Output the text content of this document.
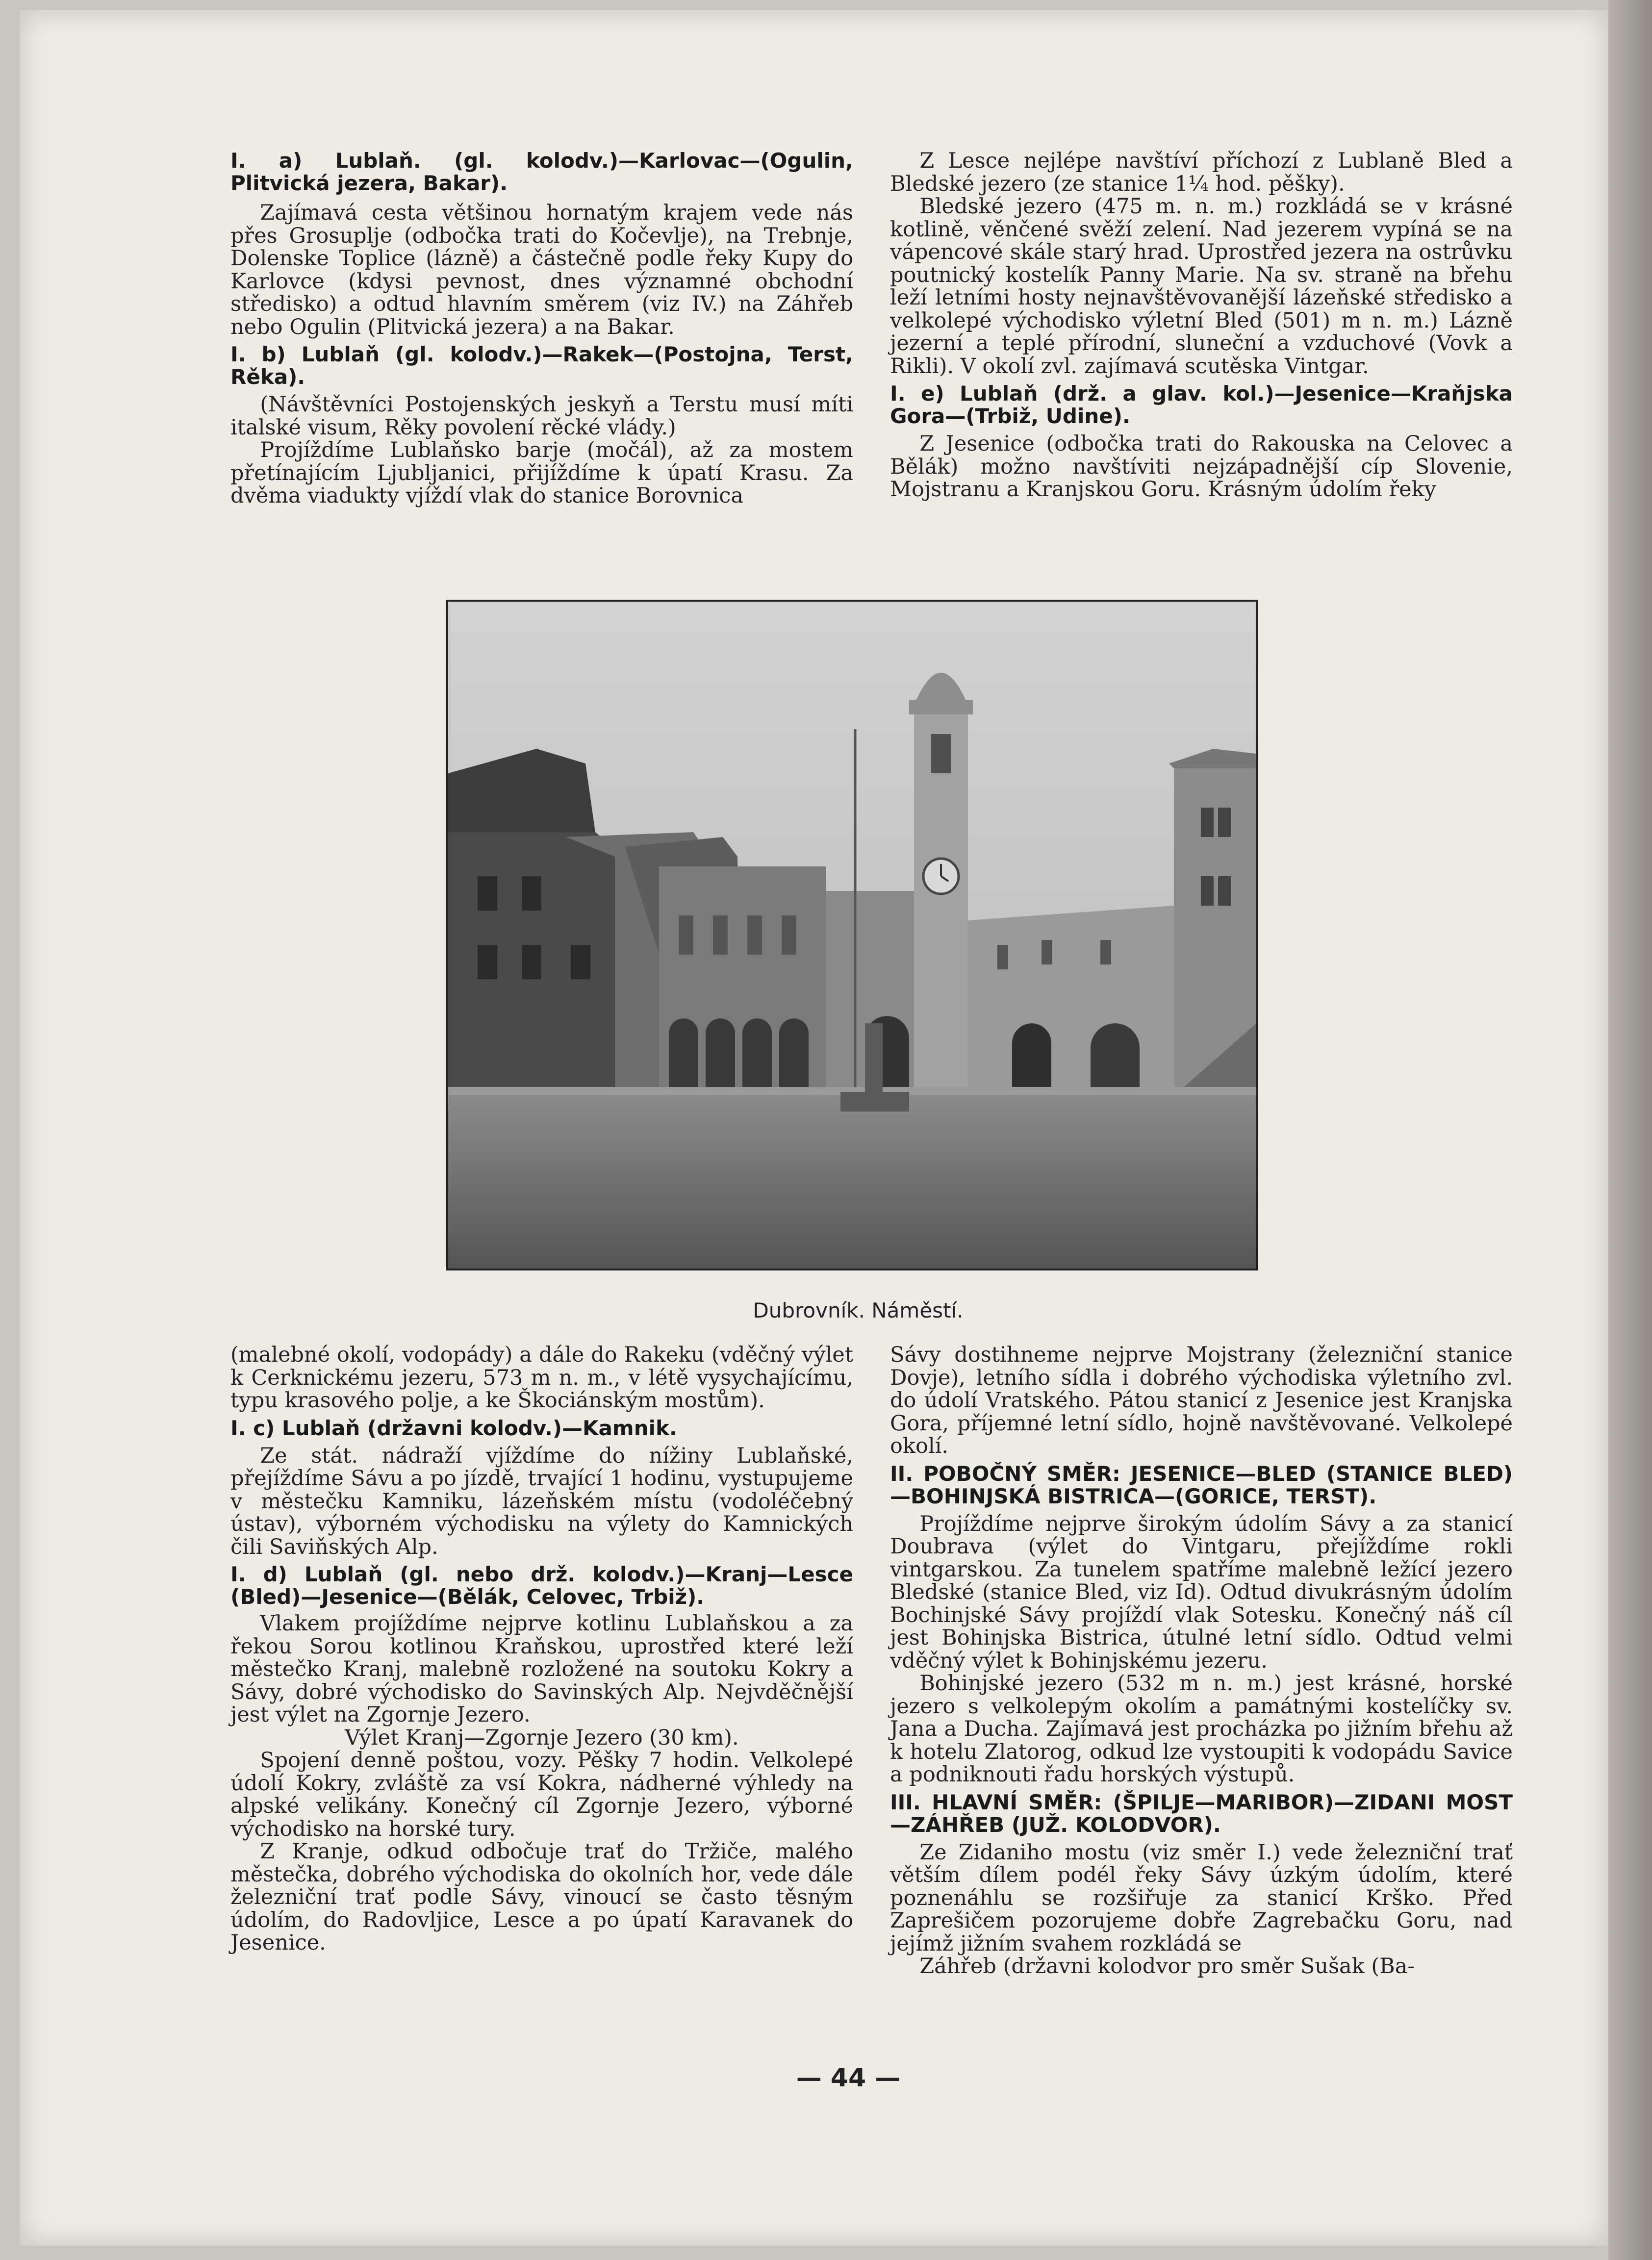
I. a) Lublaň. (gl. kolodv.)—Karlovac—(Ogulin, Plitvická jezera, Bakar).

Zajímavá cesta většinou hornatým krajem vede nás přes Grosuplje (odbočka trati do Kočevlje), na Trebnje, Dolenske Toplice (lázně) a částečně podle řeky Kupy do Karlovce (kdysi pevnost, dnes významné obchodní středisko) a odtud hlavním směrem (viz IV.) na Záhřeb nebo Ogulin (Plitvická jezera) a na Bakar.

I. b) Lublaň (gl. kolodv.)—Rakek—(Postojna, Terst, Rěka).

(Návštěvníci Postojenských jeskyň a Terstu musí míti italské visum, Rěky povolení rěcké vlády.)

Projíždíme Lublaňsko barje (močál), až za mostem přetínajícím Ljubljanici, přijíždíme k úpatí Krasu. Za dvěma viadukty vjíždí vlak do stanice Borovnica

Z Lesce nejlépe navštíví příchozí z Lublaně Bled a Bledské jezero (ze stanice 1¼ hod. pěšky).

Bledské jezero (475 m. n. m.) rozkládá se v krásné kotlině, věnčené svěží zelení. Nad jezerem vypíná se na vápencové skále starý hrad. Uprostřed jezera na ostrůvku poutnický kostelík Panny Marie. Na sv. straně na břehu leží letními hosty nejnavštěvovanější lázeňské středisko a velkolepé východisko výletní Bled (501) m n. m.) Lázně jezerní a teplé přírodní, sluneční a vzduchové (Vovk a Rikli). V okolí zvl. zajímavá scutěska Vintgar.

I. e) Lublaň (drž. a glav. kol.)—Jesenice—Kraňjska Gora—(Trbiž, Udine).

Z Jesenice (odbočka trati do Rakouska na Celovec a Bělák) možno navštíviti nejzápadnější cíp Slovenie, Mojstranu a Kranjskou Goru. Krásným údolím řeky

Dubrovník. Náměstí.

(malebné okolí, vodopády) a dále do Rakeku (vděčný výlet k Cerknickému jezeru, 573 m n. m., v létě vysychajícímu, typu krasového polje, a ke Škociánským mostům).

I. c) Lublaň (državni kolodv.)—Kamnik.

Ze stát. nádraží vjíždíme do nížiny Lublaňské, přejíždíme Sávu a po jízdě, trvající 1 hodinu, vystupujeme v městečku Kamniku, lázeňském místu (vodoléčebný ústav), výborném východisku na výlety do Kamnických čili Saviňských Alp.

I. d) Lublaň (gl. nebo drž. kolodv.)—Kranj—Lesce (Bled)—Jesenice—(Bělák, Celovec, Trbiž).

Vlakem projíždíme nejprve kotlinu Lublaňskou a za řekou Sorou kotlinou Kraňskou, uprostřed které leží městečko Kranj, malebně rozložené na soutoku Kokry a Sávy, dobré východisko do Savinských Alp. Nejvděčnější jest výlet na Zgornje Jezero.

Výlet Kranj—Zgornje Jezero (30 km).

Spojení denně poštou, vozy. Pěšky 7 hodin. Velkolepé údolí Kokry, zvláště za vsí Kokra, nádherné výhledy na alpské velikány. Konečný cíl Zgornje Jezero, výborné východisko na horské tury.

Z Kranje, odkud odbočuje trať do Tržiče, malého městečka, dobrého východiska do okolních hor, vede dále železniční trať podle Sávy, vinoucí se často těsným údolím, do Radovljice, Lesce a po úpatí Karavanek do Jesenice.

Sávy dostihneme nejprve Mojstrany (železniční stanice Dovje), letního sídla i dobrého východiska výletního zvl. do údolí Vratského. Pátou stanicí z Jesenice jest Kranjska Gora, příjemné letní sídlo, hojně navštěvované. Velkolepé okolí.

II. POBOČNÝ SMĚR: JESENICE—BLED (STANICE BLED)—BOHINJSKÁ BISTRICA—(GORICE, TERST).

Projíždíme nejprve širokým údolím Sávy a za stanicí Doubrava (výlet do Vintgaru, přejíždíme rokli vintgarskou. Za tunelem spatříme malebně ležící jezero Bledské (stanice Bled, viz Id). Odtud divukrásným údolím Bochinjské Sávy projíždí vlak Sotesku. Konečný náš cíl jest Bohinjska Bistrica, útulné letní sídlo. Odtud velmi vděčný výlet k Bohinjskému jezeru.

Bohinjské jezero (532 m n. m.) jest krásné, horské jezero s velkolepým okolím a památnými kostelíčky sv. Jana a Ducha. Zajímavá jest procházka po jižním břehu až k hotelu Zlatorog, odkud lze vystoupiti k vodopádu Savice a podniknouti řadu horských výstupů.

III. HLAVNÍ SMĚR: (ŠPILJE—MARIBOR)—ZIDANI MOST—ZÁHŘEB (JUŽ. KOLODVOR).

Ze Zidaniho mostu (viz směr I.) vede železniční trať větším dílem podél řeky Sávy úzkým údolím, které poznenáhlu se rozšiřuje za stanicí Krško. Před Zaprešičem pozorujeme dobře Zagrebačku Goru, nad jejímž jižním svahem rozkládá se

Záhřeb (državni kolodvor pro směr Sušak (Ba-

— 44 —
